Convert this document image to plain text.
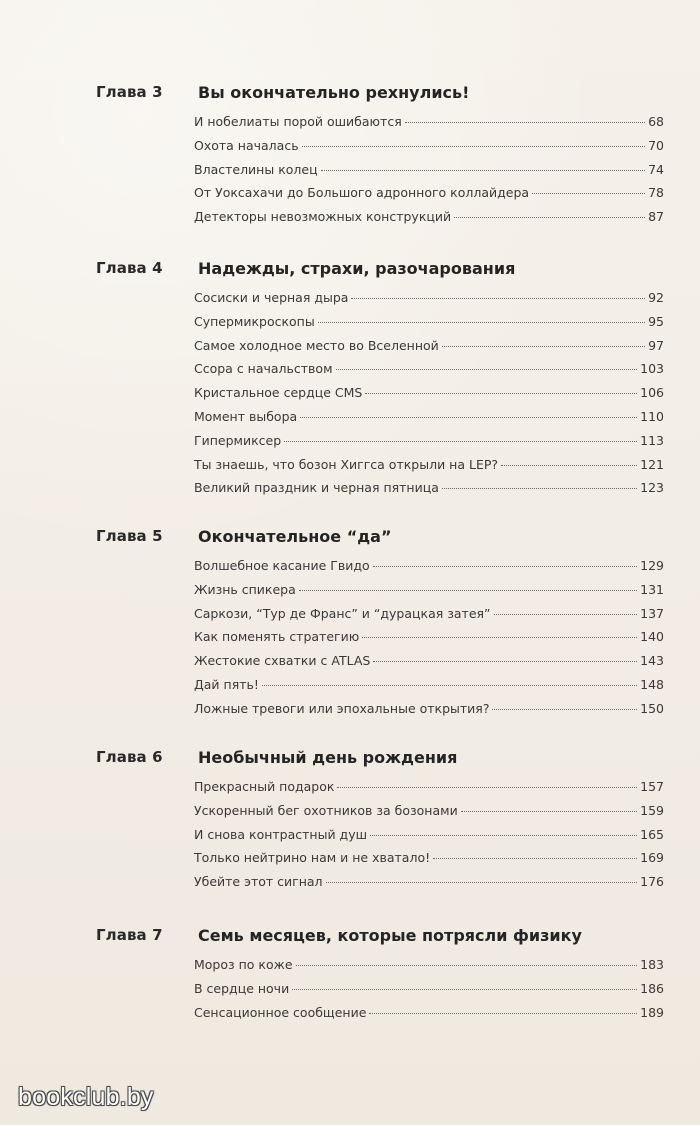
Глава 3	Вы окончательно рехнулись!
И нобелиаты порой ошибаются	68
Охота началась	70
Властелины колец	74
От Уоксахачи до Большого адронного коллайдера	78
Детекторы невозможных конструкций	87
Глава 4	Надежды, страхи, разочарования
Сосиски и черная дыра	92
Супермикроскопы	95
Самое холодное место во Вселенной	97
Ссора с начальством	103
Кристальное сердце CMS	106
Момент выбора	110
Гипермиксер	113
Ты знаешь, что бозон Хиггса открыли на LEP?	121
Великий праздник и черная пятница	123
Глава 5	Окончательное “да”
Волшебное касание Гвидо	129
Жизнь спикера	131
Саркози, “Тур де Франс” и “дурацкая затея”	137
Как поменять стратегию	140
Жестокие схватки с ATLAS	143
Дай пять!	148
Ложные тревоги или эпохальные открытия?	150
Глава 6	Необычный день рождения
Прекрасный подарок	157
Ускоренный бег охотников за бозонами	159
И снова контрастный душ	165
Только нейтрино нам и не хватало!	169
Убейте этот сигнал	176
Глава 7	Семь месяцев, которые потрясли физику
Мороз по коже	183
В сердце ночи	186
Сенсационное сообщение	189
bookclub.by
